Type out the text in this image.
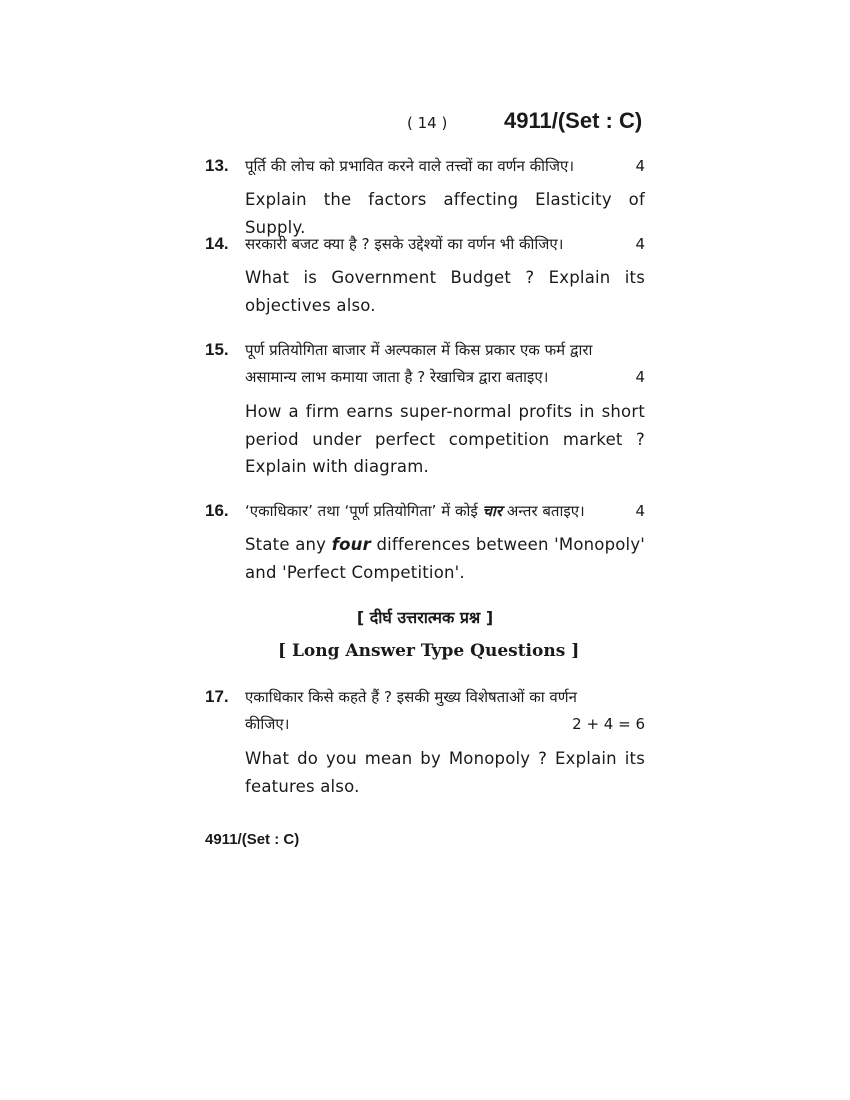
( 14 )	4911/(Set : C)
13.	4
पूर्ति की लोच को प्रभावित करने वाले तत्त्वों का वर्णन कीजिए।
Explain the factors affecting Elasticity of Supply.
14.	4
सरकारी बजट क्या है ? इसके उद्देश्यों का वर्णन भी कीजिए।
What is Government Budget ? Explain its objectives also.
15. पूर्ण प्रतियोगिता बाजार में अल्पकाल में किस प्रकार एक फर्म द्वारा

4
असामान्य लाभ कमाया जाता है ? रेखाचित्र द्वारा बताइए।

How a firm earns super-normal profits in short period under perfect competition market ? Explain with diagram.
16.	4
‘एकाधिकार’ तथा ‘पूर्ण प्रतियोगिता’ में कोई चार अन्तर बताइए।
State any four differences between 'Monopoly' and 'Perfect Competition'.
[ दीर्घ उत्तरात्मक प्रश्न ]
[ Long Answer Type Questions ]
17. एकाधिकार किसे कहते हैं ? इसकी मुख्य विशेषताओं का वर्णन

2 + 4 = 6
कीजिए।

What do you mean by Monopoly ? Explain its features also.
4911/(Set : C)
